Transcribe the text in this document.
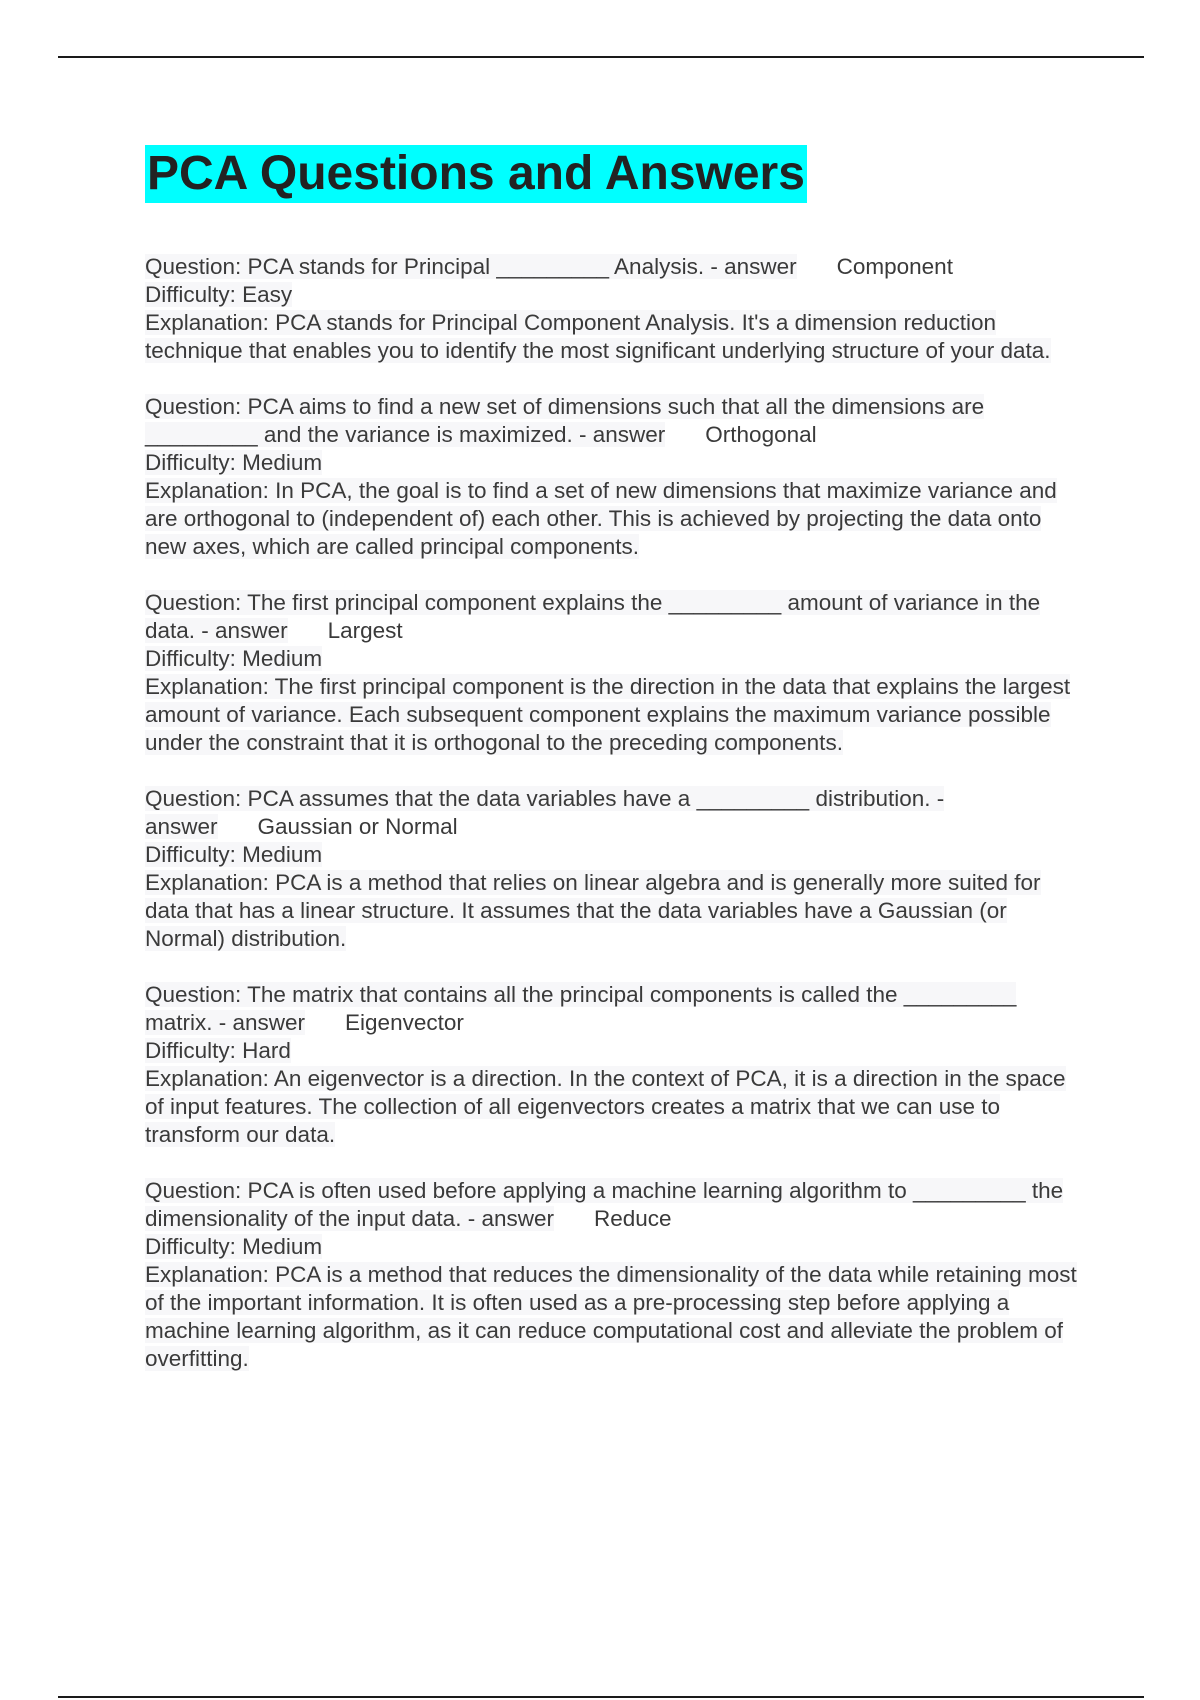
PCA Questions and Answers
Question: PCA stands for Principal _________ Analysis. - answer Component
Difficulty: Easy
Explanation: PCA stands for Principal Component Analysis. It's a dimension reduction technique that enables you to identify the most significant underlying structure of your data.
Question: PCA aims to find a new set of dimensions such that all the dimensions are _________ and the variance is maximized. - answer Orthogonal
Difficulty: Medium
Explanation: In PCA, the goal is to find a set of new dimensions that maximize variance and are orthogonal to (independent of) each other. This is achieved by projecting the data onto new axes, which are called principal components.
Question: The first principal component explains the _________ amount of variance in the data. - answer Largest
Difficulty: Medium
Explanation: The first principal component is the direction in the data that explains the largest amount of variance. Each subsequent component explains the maximum variance possible under the constraint that it is orthogonal to the preceding components.
Question: PCA assumes that the data variables have a _________ distribution. - answer Gaussian or Normal
Difficulty: Medium
Explanation: PCA is a method that relies on linear algebra and is generally more suited for data that has a linear structure. It assumes that the data variables have a Gaussian (or Normal) distribution.
Question: The matrix that contains all the principal components is called the _________ matrix. - answer Eigenvector
Difficulty: Hard
Explanation: An eigenvector is a direction. In the context of PCA, it is a direction in the space of input features. The collection of all eigenvectors creates a matrix that we can use to transform our data.
Question: PCA is often used before applying a machine learning algorithm to _________ the dimensionality of the input data. - answer Reduce
Difficulty: Medium
Explanation: PCA is a method that reduces the dimensionality of the data while retaining most of the important information. It is often used as a pre-processing step before applying a machine learning algorithm, as it can reduce computational cost and alleviate the problem of overfitting.
